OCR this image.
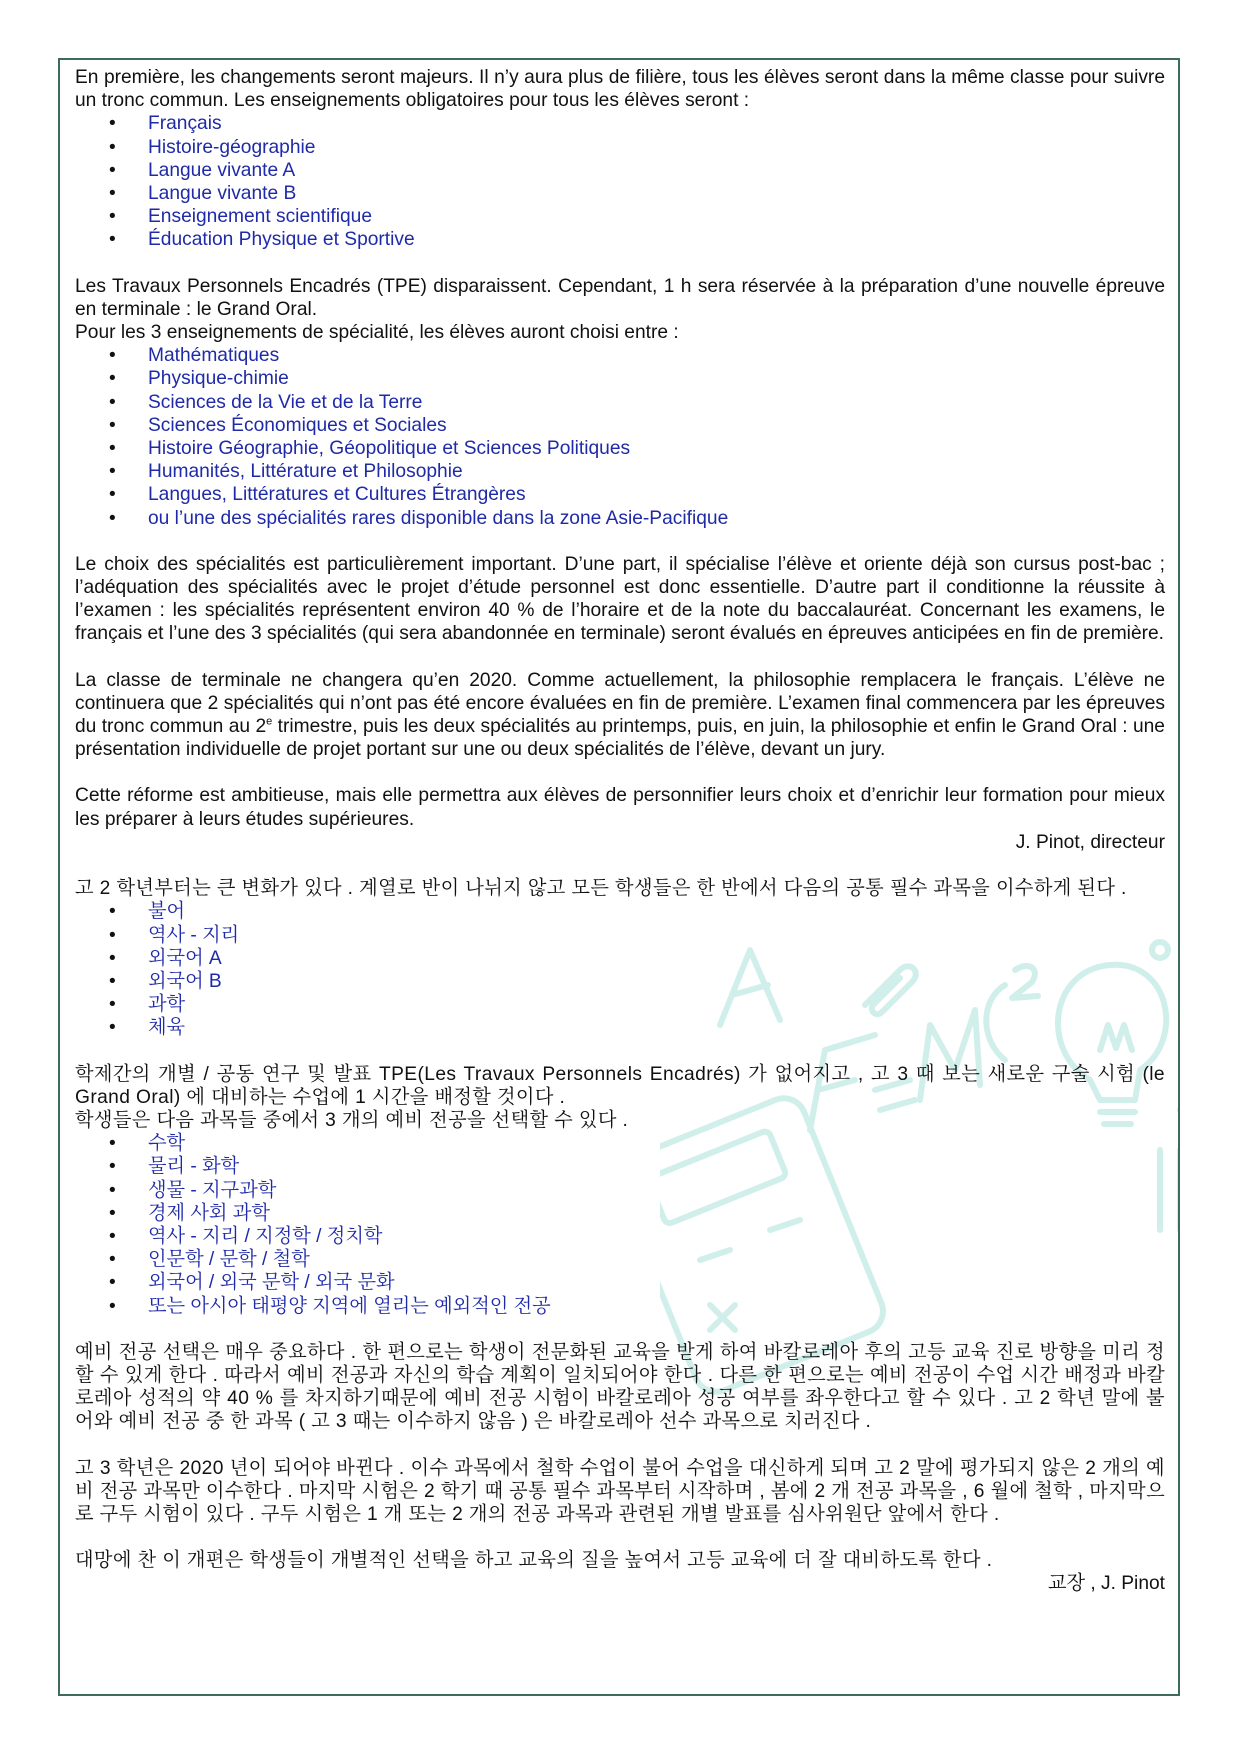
En première, les changements seront majeurs. Il n’y aura plus de filière, tous les élèves seront dans la même classe pour suivre un tronc commun. Les enseignements obligatoires pour tous les élèves seront :

• Français
• Histoire-géographie
• Langue vivante A
• Langue vivante B
• Enseignement scientifique
• Éducation Physique et Sportive

Les Travaux Personnels Encadrés (TPE) disparaissent. Cependant, 1 h sera réservée à la préparation d’une nouvelle épreuve en terminale : le Grand Oral.

Pour les 3 enseignements de spécialité, les élèves auront choisi entre :

• Mathématiques
• Physique-chimie
• Sciences de la Vie et de la Terre
• Sciences Économiques et Sociales
• Histoire Géographie, Géopolitique et Sciences Politiques
• Humanités, Littérature et Philosophie
• Langues, Littératures et Cultures Étrangères
• ou l’une des spécialités rares disponible dans la zone Asie-Pacifique

Le choix des spécialités est particulièrement important. D’une part, il spécialise l’élève et oriente déjà son cursus post-bac ; l’adéquation des spécialités avec le projet d’étude personnel est donc essentielle. D’autre part il conditionne la réussite à l’examen : les spécialités représentent environ 40 % de l’horaire et de la note du baccalauréat. Concernant les examens, le français et l’une des 3 spécialités (qui sera abandonnée en terminale) seront évalués en épreuves anticipées en fin de première.

La classe de terminale ne changera qu’en 2020. Comme actuellement, la philosophie remplacera le français. L’élève ne continuera que 2 spécialités qui n’ont pas été encore évaluées en fin de première. L’examen final commencera par les épreuves du tronc commun au 2e trimestre, puis les deux spécialités au printemps, puis, en juin, la philosophie et enfin le Grand Oral : une présentation individuelle de projet portant sur une ou deux spécialités de l’élève, devant un jury.

Cette réforme est ambitieuse, mais elle permettra aux élèves de personnifier leurs choix et d’enrichir leur formation pour mieux les préparer à leurs études supérieures.

J. Pinot, directeur

고 2 학년부터는 큰 변화가 있다 . 계열로 반이 나뉘지 않고 모든 학생들은 한 반에서 다음의 공통 필수 과목을 이수하게 된다 .

• 불어
• 역사 - 지리
• 외국어 A
• 외국어 B
• 과학
• 체육

학제간의 개별 / 공동 연구 및 발표 TPE(Les Travaux Personnels Encadrés) 가 없어지고 , 고 3 때 보는 새로운 구술 시험 (le Grand Oral) 에 대비하는 수업에 1 시간을 배정할 것이다 .

학생들은 다음 과목들 중에서 3 개의 예비 전공을 선택할 수 있다 .

• 수학
• 물리 - 화학
• 생물 - 지구과학
• 경제 사회 과학
• 역사 - 지리 / 지정학 / 정치학
• 인문학 / 문학 / 철학
• 외국어 / 외국 문학 / 외국 문화
• 또는 아시아 태평양 지역에 열리는 예외적인 전공

예비 전공 선택은 매우 중요하다 . 한 편으로는 학생이 전문화된 교육을 받게 하여 바칼로레아 후의 고등 교육 진로 방향을 미리 정할 수 있게 한다 . 따라서 예비 전공과 자신의 학습 계획이 일치되어야 한다 . 다른 한 편으로는 예비 전공이 수업 시간 배정과 바칼로레아 성적의 약 40 % 를 차지하기때문에 예비 전공 시험이 바칼로레아 성공 여부를 좌우한다고 할 수 있다 . 고 2 학년 말에 불어와 예비 전공 중 한 과목 ( 고 3 때는 이수하지 않음 ) 은 바칼로레아 선수 과목으로 치러진다 .

고 3 학년은 2020 년이 되어야 바뀐다 . 이수 과목에서 철학 수업이 불어 수업을 대신하게 되며 고 2 말에 평가되지 않은 2 개의 예비 전공 과목만 이수한다 . 마지막 시험은 2 학기 때 공통 필수 과목부터 시작하며 , 봄에 2 개 전공 과목을 , 6 월에 철학 , 마지막으로 구두 시험이 있다 . 구두 시험은 1 개 또는 2 개의 전공 과목과 관련된 개별 발표를 심사위원단 앞에서 한다 .

대망에 찬 이 개편은 학생들이 개별적인 선택을 하고 교육의 질을 높여서 고등 교육에 더 잘 대비하도록 한다 .

교장 , J. Pinot
